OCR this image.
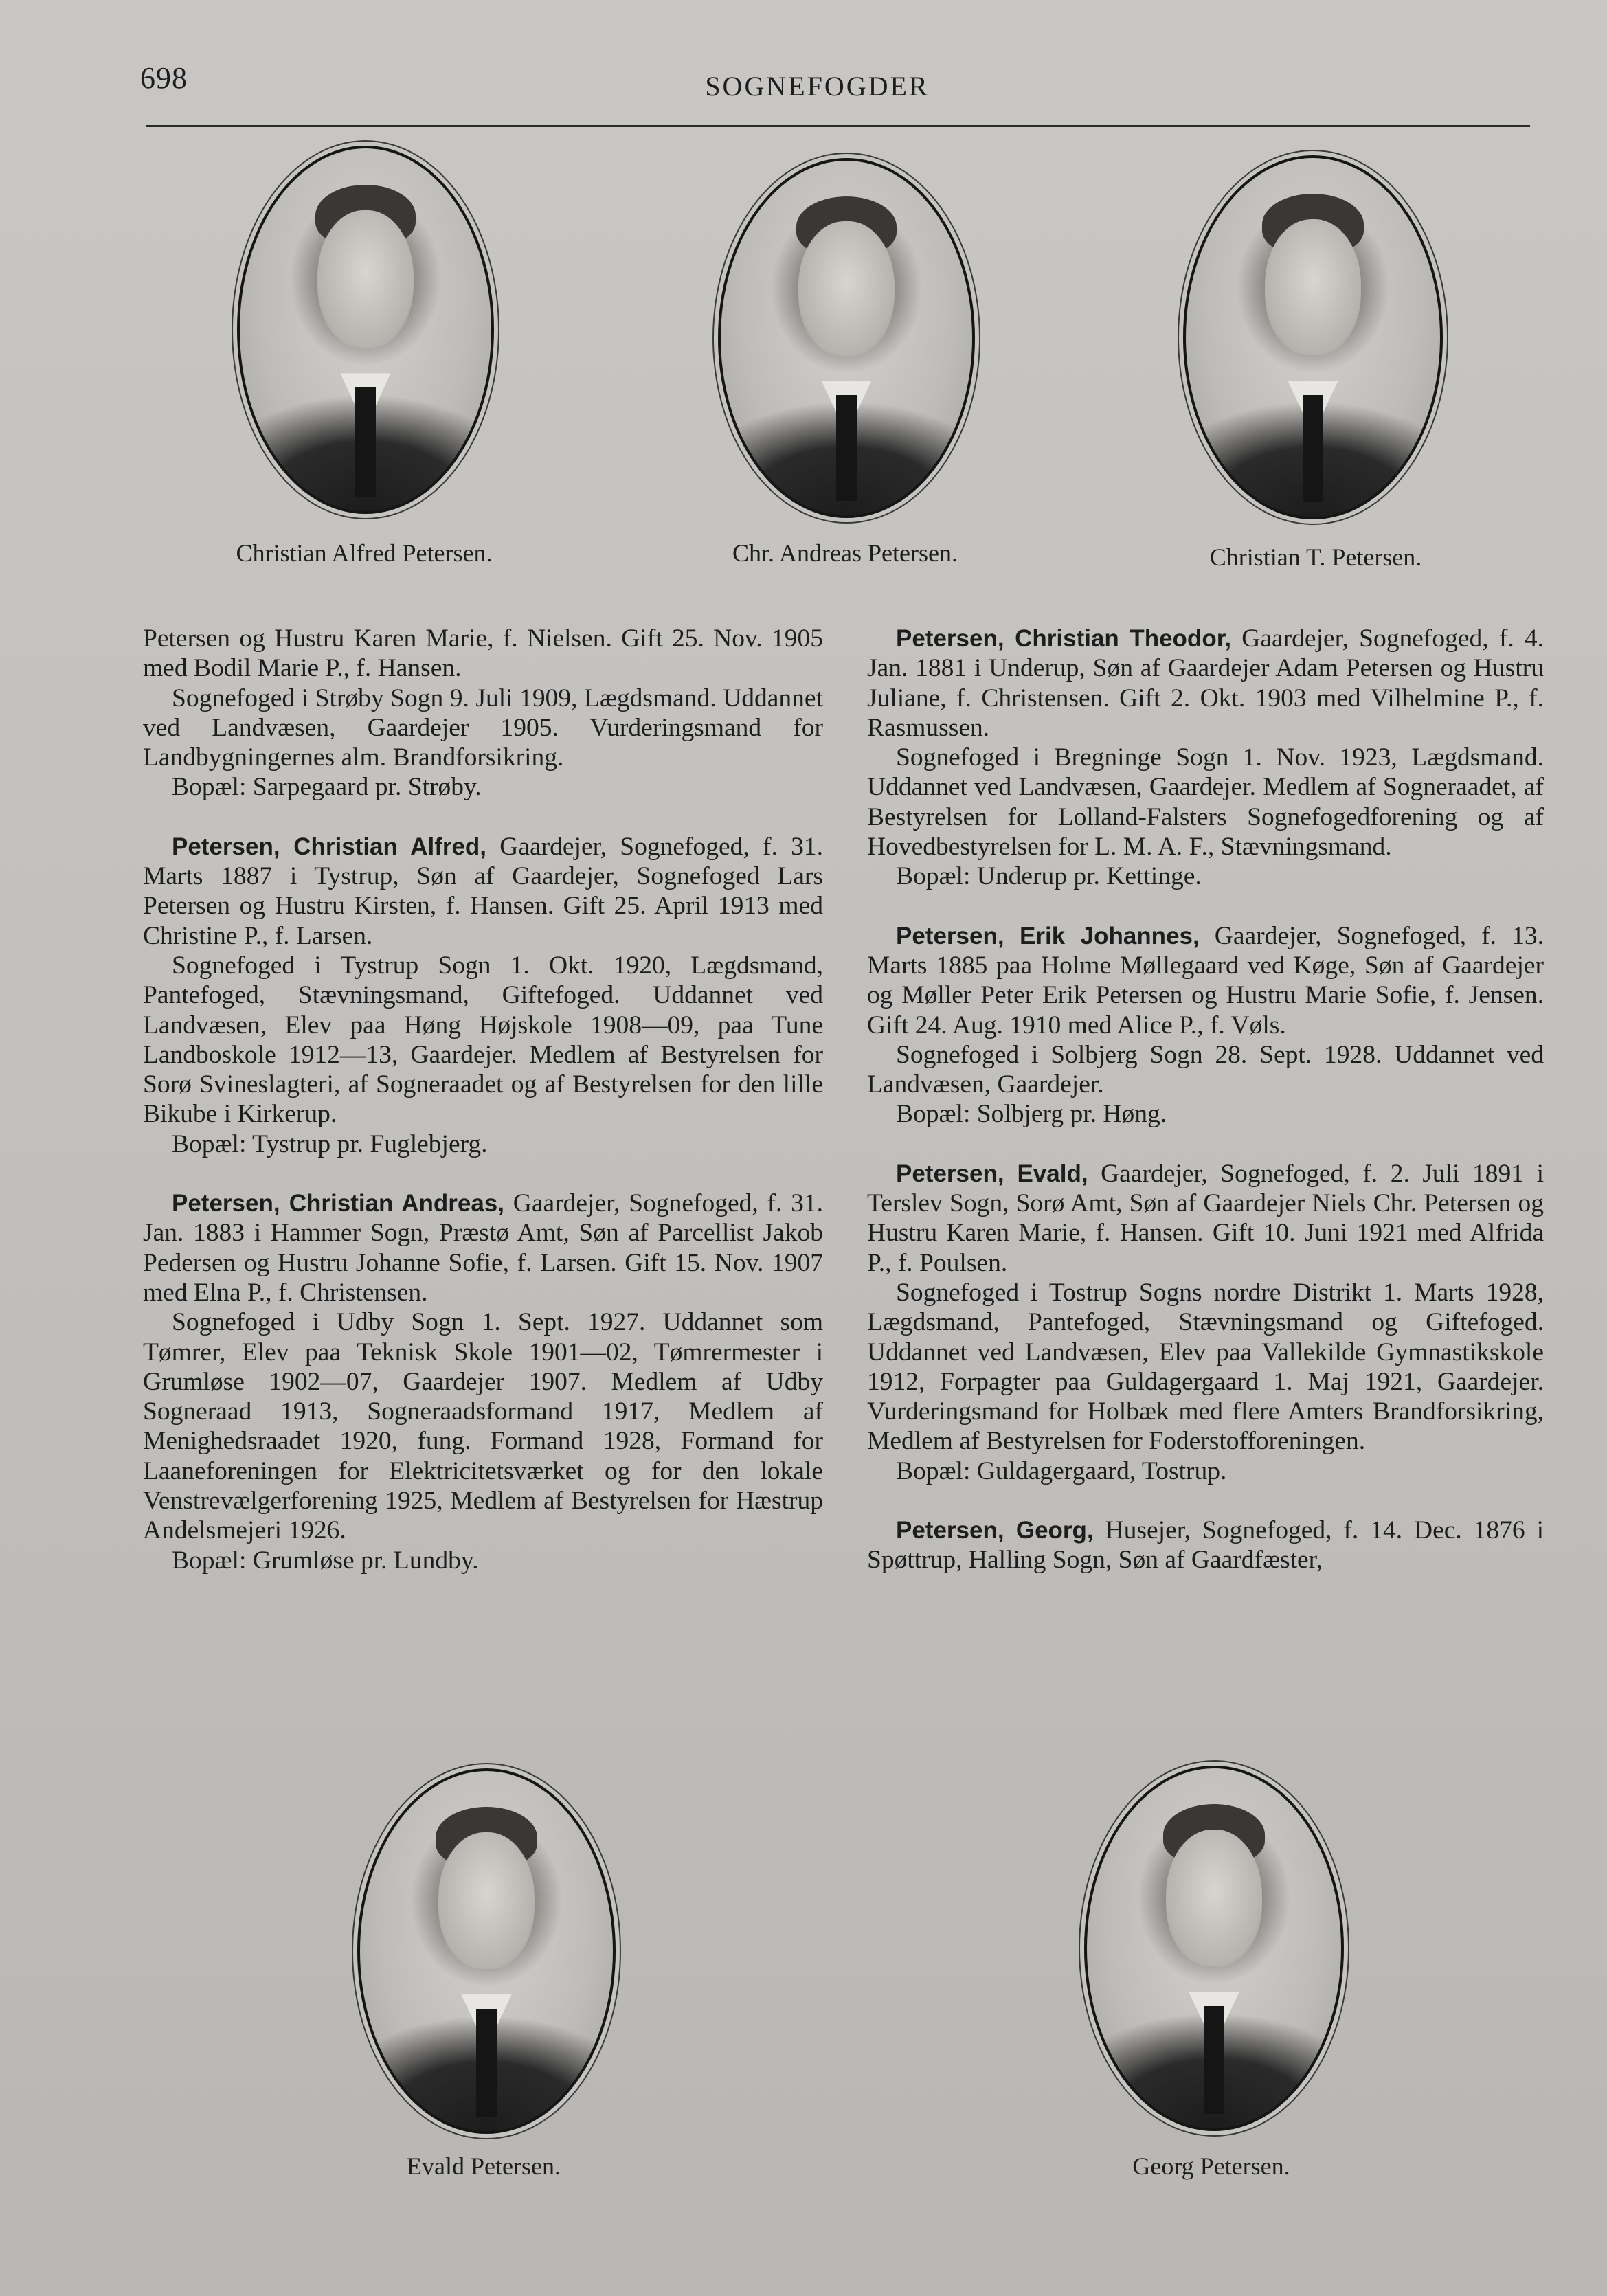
698	SOGNEFOGDER
Christian Alfred Petersen.	Chr. Andreas Petersen.	Christian T. Petersen.

Petersen og Hustru Karen Marie, f. Nielsen. Gift 25. Nov. 1905 med Bodil Marie P., f. Hansen.

Sognefoged i Strøby Sogn 9. Juli 1909, Lægdsmand. Uddannet ved Landvæsen, Gaardejer 1905. Vurderingsmand for Landbygningernes alm. Brandforsikring.

Bopæl: Sarpegaard pr. Strøby.

Petersen, Christian Alfred, Gaardejer, Sognefoged, f. 31. Marts 1887 i Tystrup, Søn af Gaardejer, Sognefoged Lars Petersen og Hustru Kirsten, f. Hansen. Gift 25. April 1913 med Christine P., f. Larsen.

Sognefoged i Tystrup Sogn 1. Okt. 1920, Lægdsmand, Pantefoged, Stævningsmand, Giftefoged. Uddannet ved Landvæsen, Elev paa Høng Højskole 1908—09, paa Tune Landboskole 1912—13, Gaardejer. Medlem af Bestyrelsen for Sorø Svineslagteri, af Sogneraadet og af Bestyrelsen for den lille Bikube i Kirkerup.

Bopæl: Tystrup pr. Fuglebjerg.

Petersen, Christian Andreas, Gaardejer, Sognefoged, f. 31. Jan. 1883 i Hammer Sogn, Præstø Amt, Søn af Parcellist Jakob Pedersen og Hustru Johanne Sofie, f. Larsen. Gift 15. Nov. 1907 med Elna P., f. Christensen.

Sognefoged i Udby Sogn 1. Sept. 1927. Uddannet som Tømrer, Elev paa Teknisk Skole 1901—02, Tømrermester i Grumløse 1902—07, Gaardejer 1907. Medlem af Udby Sogneraad 1913, Sogneraadsformand 1917, Medlem af Menighedsraadet 1920, fung. Formand 1928, Formand for Laaneforeningen for Elektricitetsværket og for den lokale Venstrevælgerforening 1925, Medlem af Bestyrelsen for Hæstrup Andelsmejeri 1926.

Bopæl: Grumløse pr. Lundby.

Petersen, Christian Theodor, Gaardejer, Sognefoged, f. 4. Jan. 1881 i Underup, Søn af Gaardejer Adam Petersen og Hustru Juliane, f. Christensen. Gift 2. Okt. 1903 med Vilhelmine P., f. Rasmussen.

Sognefoged i Bregninge Sogn 1. Nov. 1923, Lægdsmand. Uddannet ved Landvæsen, Gaardejer. Medlem af Sogneraadet, af Bestyrelsen for Lolland-Falsters Sognefogedforening og af Hovedbestyrelsen for L. M. A. F., Stævningsmand.

Bopæl: Underup pr. Kettinge.

Petersen, Erik Johannes, Gaardejer, Sognefoged, f. 13. Marts 1885 paa Holme Møllegaard ved Køge, Søn af Gaardejer og Møller Peter Erik Petersen og Hustru Marie Sofie, f. Jensen. Gift 24. Aug. 1910 med Alice P., f. Vøls.

Sognefoged i Solbjerg Sogn 28. Sept. 1928. Uddannet ved Landvæsen, Gaardejer.

Bopæl: Solbjerg pr. Høng.

Petersen, Evald, Gaardejer, Sognefoged, f. 2. Juli 1891 i Terslev Sogn, Sorø Amt, Søn af Gaardejer Niels Chr. Petersen og Hustru Karen Marie, f. Hansen. Gift 10. Juni 1921 med Alfrida P., f. Poulsen.

Sognefoged i Tostrup Sogns nordre Distrikt 1. Marts 1928, Lægdsmand, Pantefoged, Stævningsmand og Giftefoged. Uddannet ved Landvæsen, Elev paa Vallekilde Gymnastikskole 1912, Forpagter paa Guldagergaard 1. Maj 1921, Gaardejer. Vurderingsmand for Holbæk med flere Amters Brandforsikring, Medlem af Bestyrelsen for Foderstofforeningen.

Bopæl: Guldagergaard, Tostrup.

Petersen, Georg, Husejer, Sognefoged, f. 14. Dec. 1876 i Spøttrup, Halling Sogn, Søn af Gaardfæster,

Evald Petersen.	Georg Petersen.
